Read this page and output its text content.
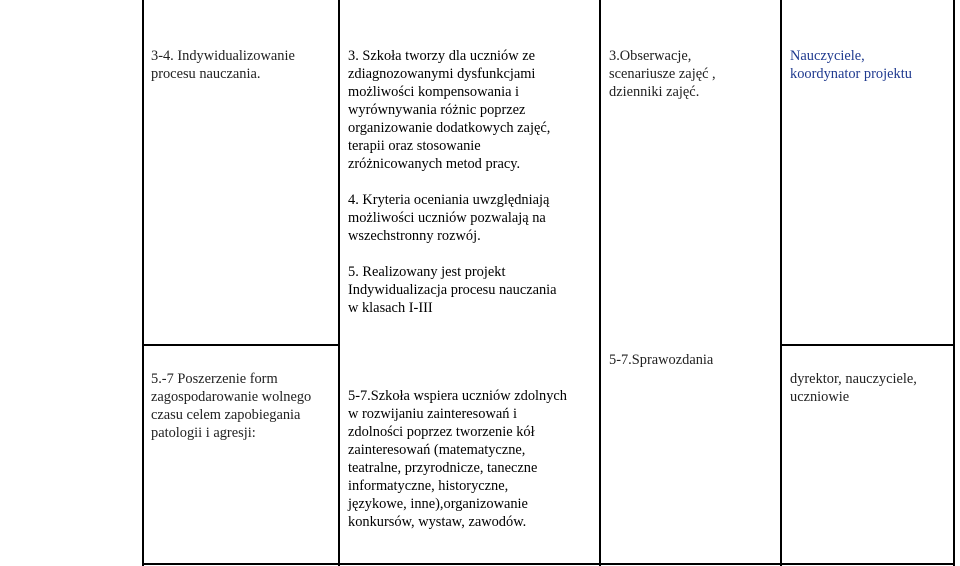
3-4. Indywidualizowanie

procesu nauczania.

3. Szkoła tworzy dla uczniów ze

zdiagnozowanymi dysfunkcjami

możliwości kompensowania i

wyrównywania różnic poprzez

organizowanie dodatkowych zajęć,

terapii oraz stosowanie

zróżnicowanych metod pracy.

4. Kryteria oceniania uwzględniają

możliwości uczniów pozwalają na

wszechstronny rozwój.

5. Realizowany jest projekt

Indywidualizacja procesu nauczania

w klasach I-III

3.Obserwacje,

scenariusze zajęć ,

dzienniki zajęć.

Nauczyciele,

koordynator projektu

5.-7 Poszerzenie form

zagospodarowanie wolnego

czasu celem zapobiegania

patologii i agresji:

5-7.Szkoła wspiera uczniów zdolnych

w rozwijaniu zainteresowań i

zdolności poprzez tworzenie kół

zainteresowań (matematyczne,

teatralne, przyrodnicze, taneczne

informatyczne, historyczne,

językowe, inne),organizowanie

konkursów, wystaw, zawodów.

5-7.Sprawozdania

dyrektor, nauczyciele,

uczniowie
